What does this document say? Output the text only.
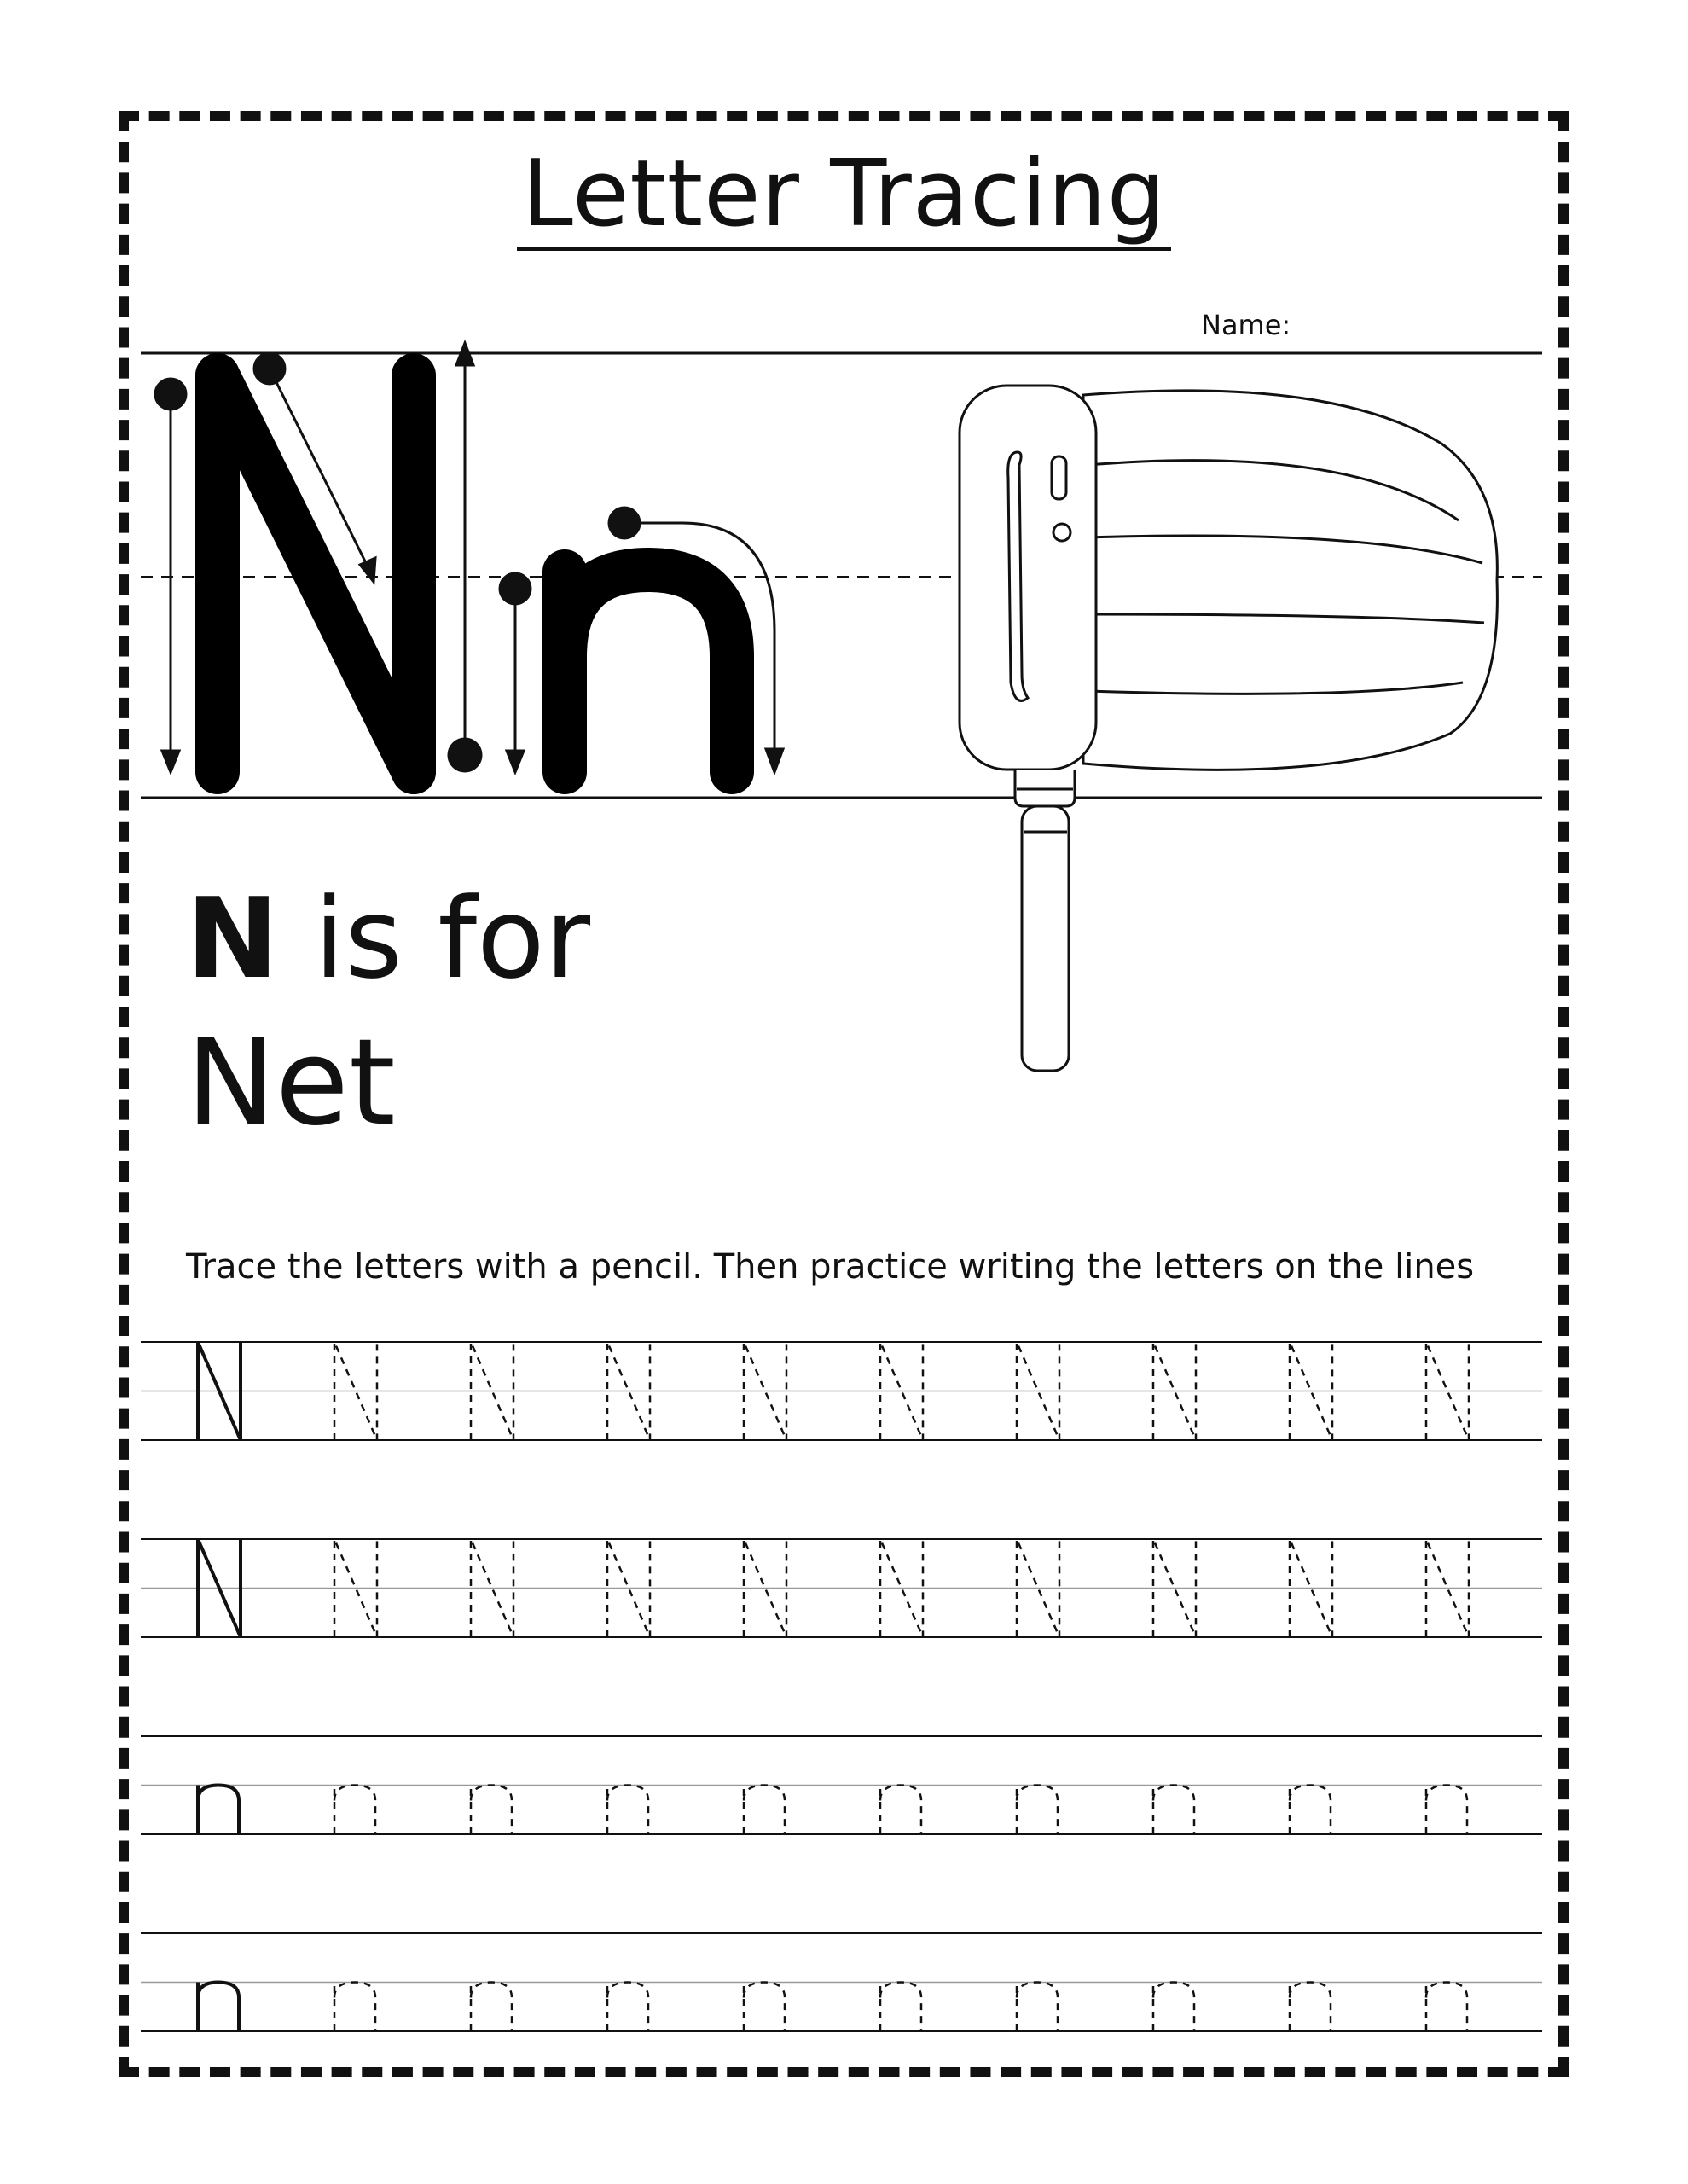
Letter Tracing
Name:
N is for
Net
Trace the letters with a pencil. Then practice writing the letters on the lines
